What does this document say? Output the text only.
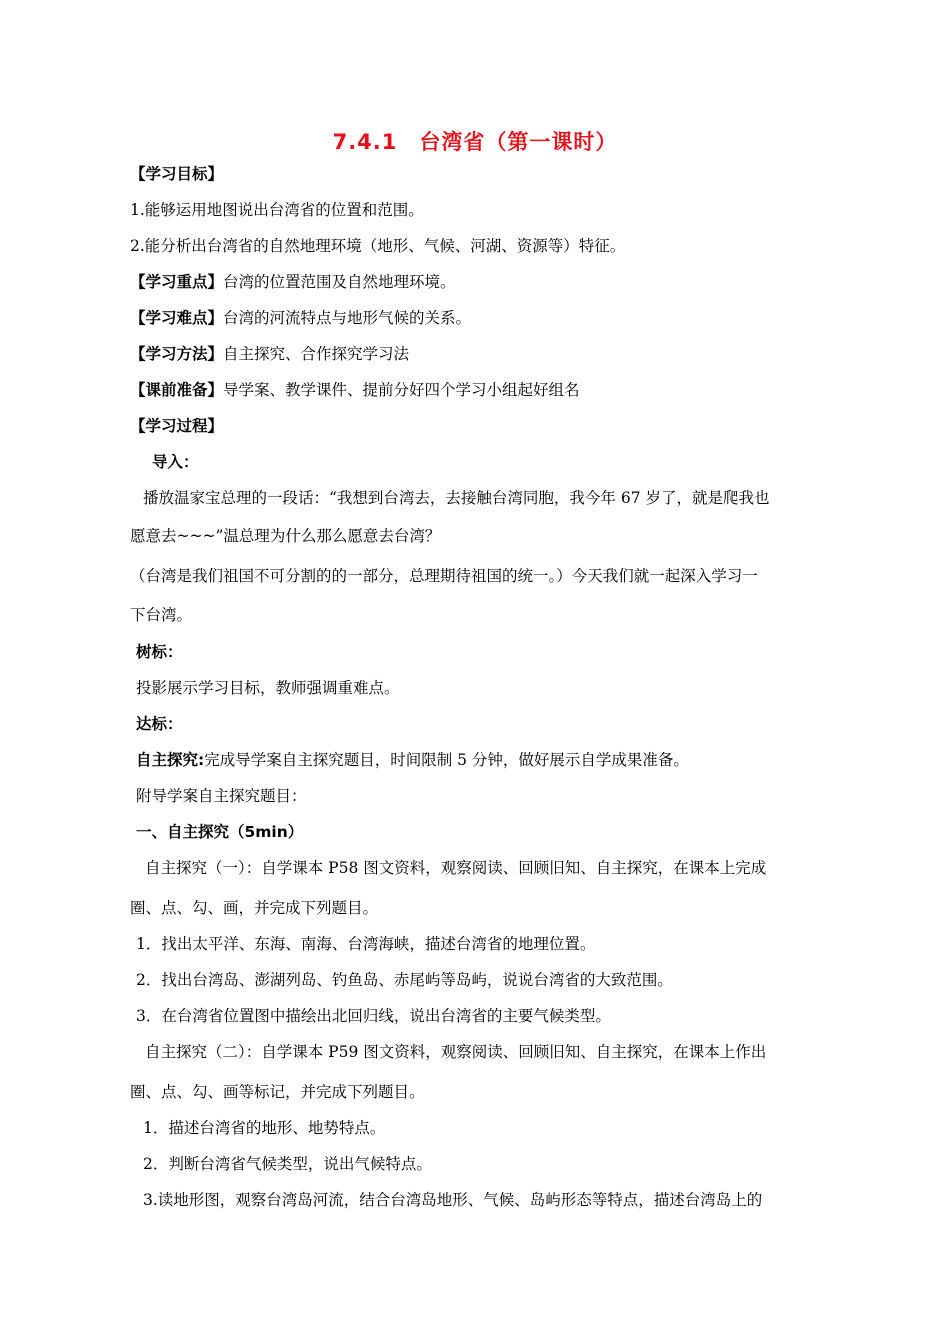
7.4.1　台湾省（第一课时）
【学习目标】
1.能够运用地图说出台湾省的位置和范围。
2.能分析出台湾省的自然地理环境（地形、气候、河湖、资源等）特征。
【学习重点】台湾的位置范围及自然地理环境。
【学习难点】台湾的河流特点与地形气候的关系。
【学习方法】自主探究、合作探究学习法
【课前准备】导学案、教学课件、提前分好四个学习小组起好组名
【学习过程】
导入：
播放温家宝总理的一段话：“我想到台湾去，去接触台湾同胞，我今年 67 岁了，就是爬我也
愿意去~~~”温总理为什么那么愿意去台湾？
（台湾是我们祖国不可分割的的一部分，总理期待祖国的统一。）今天我们就一起深入学习一
下台湾。
树标：
投影展示学习目标，教师强调重难点。
达标：
自主探究:完成导学案自主探究题目，时间限制 5 分钟，做好展示自学成果准备。
附导学案自主探究题目：
一、自主探究（5min）
自主探究（一）：自学课本 P58 图文资料，观察阅读、回顾旧知、自主探究，在课本上完成
圈、点、勾、画，并完成下列题目。
1．找出太平洋、东海、南海、台湾海峡，描述台湾省的地理位置。
2．找出台湾岛、澎湖列岛、钓鱼岛、赤尾屿等岛屿，说说台湾省的大致范围。
3．在台湾省位置图中描绘出北回归线，说出台湾省的主要气候类型。
自主探究（二）：自学课本 P59 图文资料，观察阅读、回顾旧知、自主探究，在课本上作出
圈、点、勾、画等标记，并完成下列题目。
1．描述台湾省的地形、地势特点。
2．判断台湾省气候类型，说出气候特点。
3.读地形图，观察台湾岛河流，结合台湾岛地形、气候、岛屿形态等特点，描述台湾岛上的
